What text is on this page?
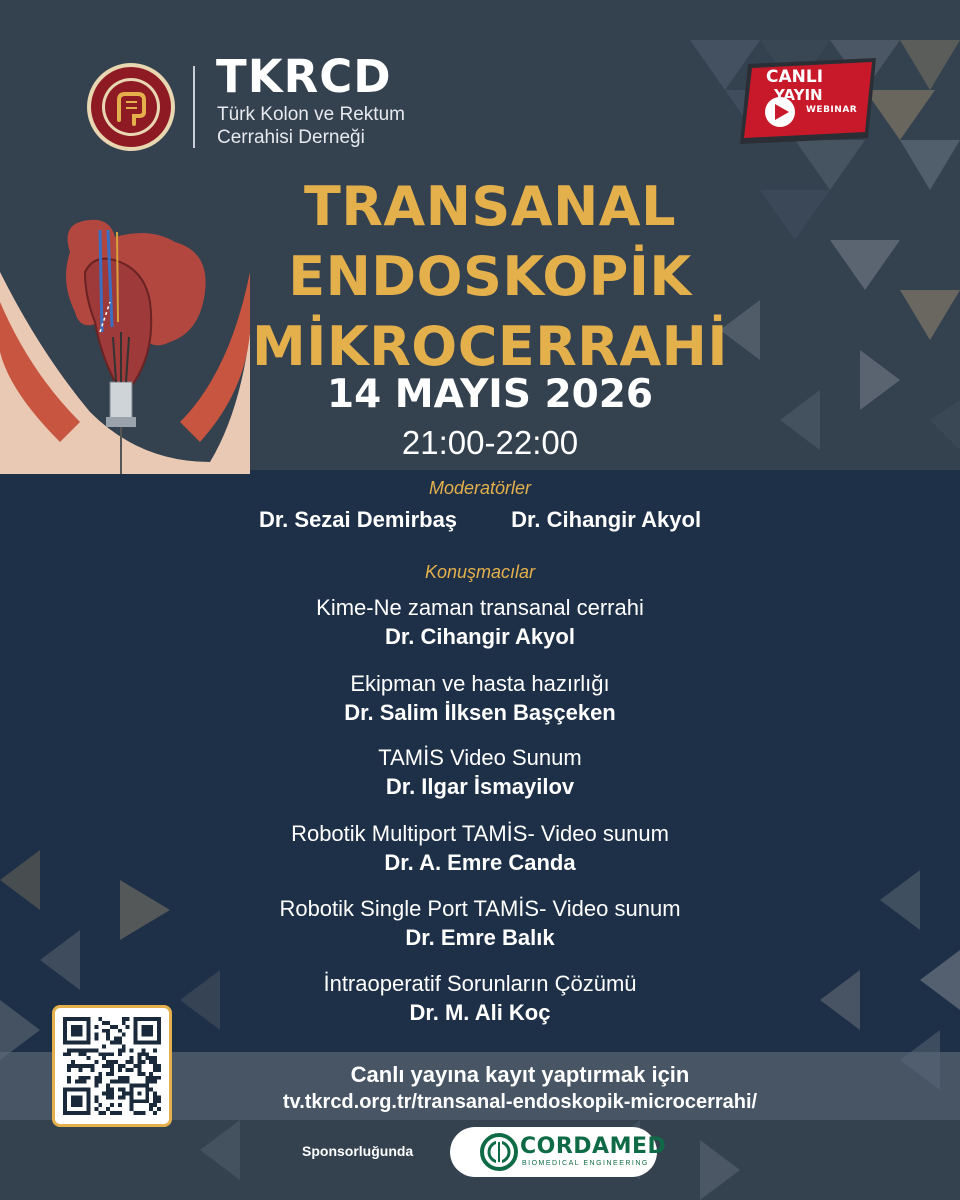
TKRCD
Türk Kolon ve Rektum
Cerrahisi Derneği
CANLI
YAYIN
WEBINAR
TRANSANAL
ENDOSKOPİK
MİKROCERRAHİ
14 MAYIS 2026
21:00-22:00
Moderatörler
Dr. Sezai Demirbaş Dr. Cihangir Akyol
Konuşmacılar
Kime-Ne zaman transanal cerrahi
Dr. Cihangir Akyol
Ekipman ve hasta hazırlığı
Dr. Salim İlksen Başçeken
TAMİS Video Sunum
Dr. Ilgar İsmayilov
Robotik Multiport TAMİS- Video sunum
Dr. A. Emre Canda
Robotik Single Port TAMİS- Video sunum
Dr. Emre Balık
İntraoperatif Sorunların Çözümü
Dr. M. Ali Koç
Canlı yayına kayıt yaptırmak için
tv.tkrcd.org.tr/transanal-endoskopik-microcerrahi/
Sponsorluğunda	CORDAMED
BIOMEDICAL ENGINEERING
